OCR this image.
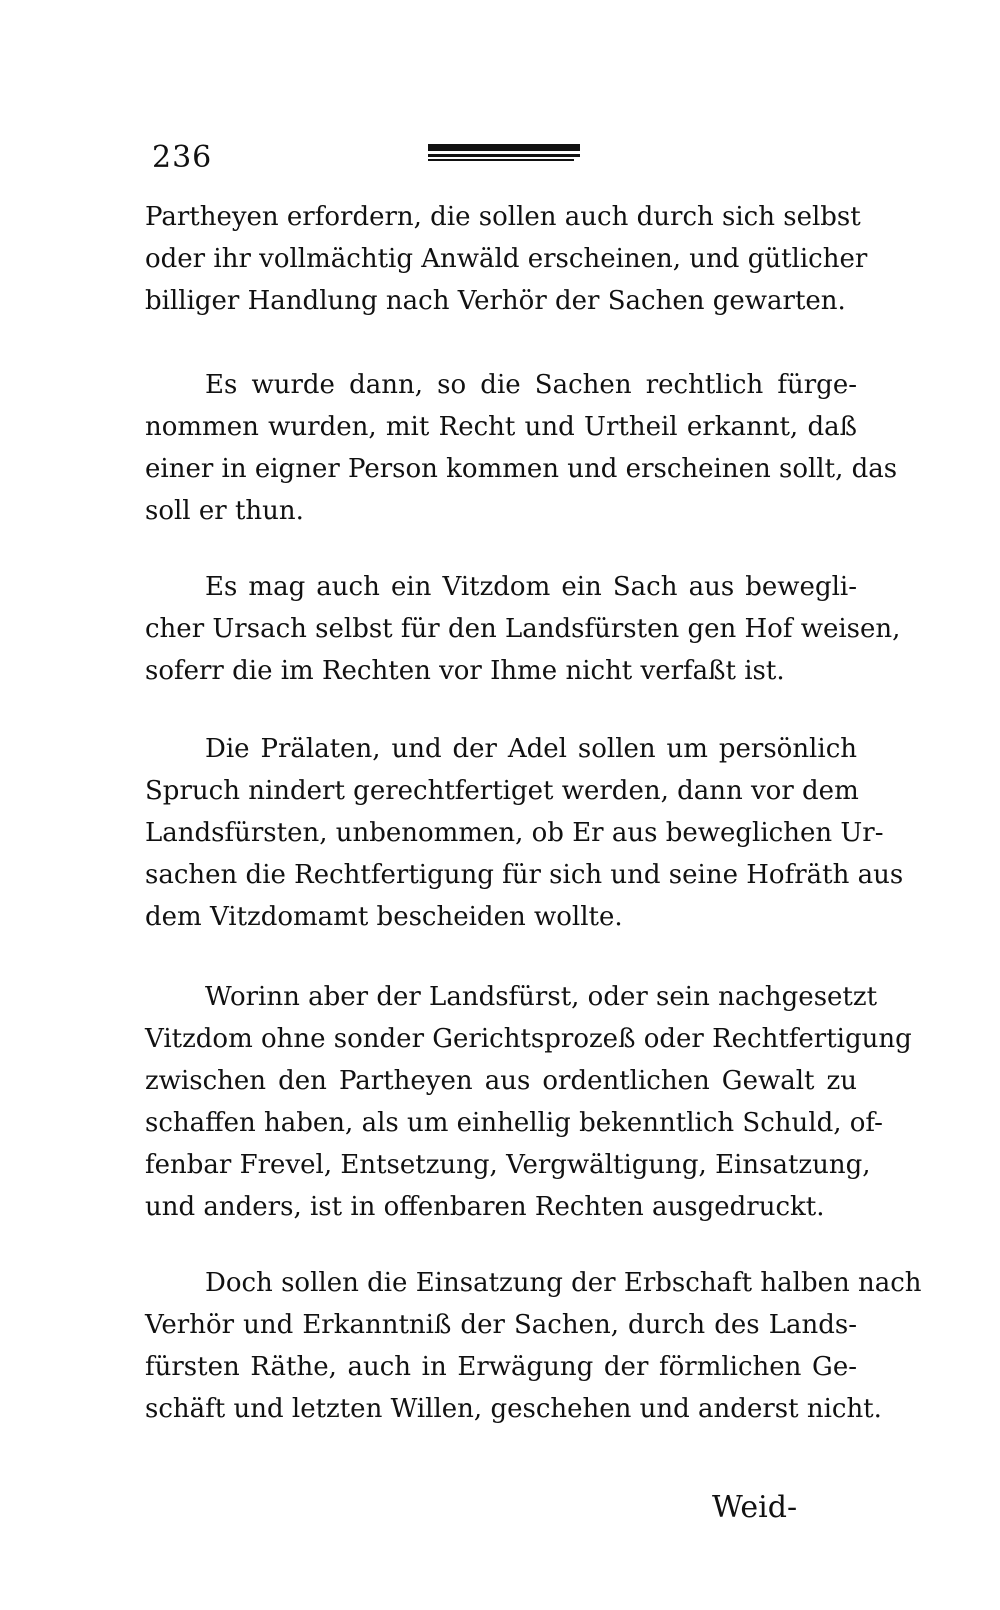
236

Partheyen erfordern, die sollen auch durch sich selbst
oder ihr vollmächtig Anwäld erscheinen, und gütlicher
billiger Handlung nach Verhör der Sachen gewarten.

Es wurde dann, so die Sachen rechtlich fürge-
nommen wurden, mit Recht und Urtheil erkannt, daß
einer in eigner Person kommen und erscheinen sollt, das
soll er thun.

Es mag auch ein Vitzdom ein Sach aus bewegli-
cher Ursach selbst für den Landsfürsten gen Hof weisen,
soferr die im Rechten vor Ihme nicht verfaßt ist.

Die Prälaten, und der Adel sollen um persönlich
Spruch nindert gerechtfertiget werden, dann vor dem
Landsfürsten, unbenommen, ob Er aus beweglichen Ur-
sachen die Rechtfertigung für sich und seine Hofräth aus
dem Vitzdomamt bescheiden wollte.

Worinn aber der Landsfürst, oder sein nachgesetzt
Vitzdom ohne sonder Gerichtsprozeß oder Rechtfertigung
zwischen den Partheyen aus ordentlichen Gewalt zu
schaffen haben, als um einhellig bekenntlich Schuld, of-
fenbar Frevel, Entsetzung, Vergwältigung, Einsatzung,
und anders, ist in offenbaren Rechten ausgedruckt.

Doch sollen die Einsatzung der Erbschaft halben nach
Verhör und Erkanntniß der Sachen, durch des Lands-
fürsten Räthe, auch in Erwägung der förmlichen Ge-
schäft und letzten Willen, geschehen und anderst nicht.

Weid-
